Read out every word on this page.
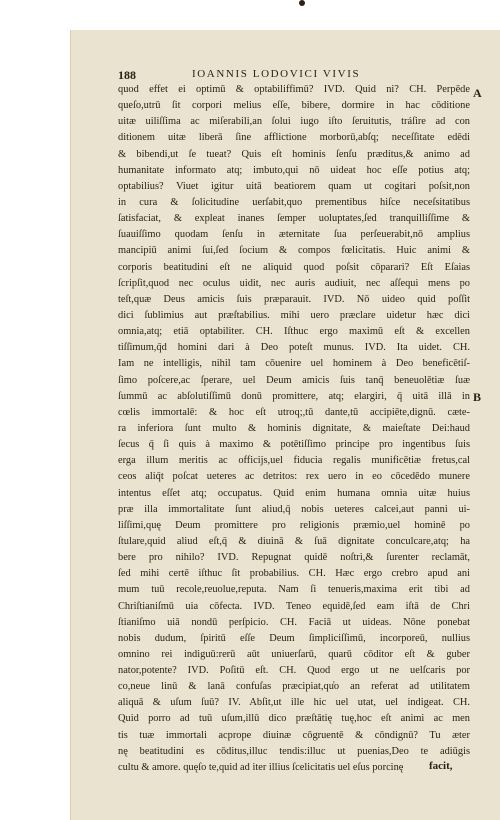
188	IOANNIS LODOVICI VIVIS
A
B
quod effet ei optimū & optabiliffimū? IVD. Quid ni? CH. Perpēde
queſo,utrū ſit corpori melius eſſe, bibere, dormire in hac cōditione
uitæ uiliſſima ac miſerabili,an ſolui iugo iſto ſeruitutis, tráſire ad con
ditionem uitæ liberā ſine afflictione morborū,abſq; neceſſitate edēdi
& bibendi,ut ſe tueat? Quis eſt hominis ſenſu prædítus,& animo ad
humanitate informato atq; imbuto,qui nō uideat hoc eſſe potius atq;
optabilius? Viuet igitur uitā beatiorem quam ut cogitari poſsit,non
in cura & ſolicitudine uerſabit,quo prementibus hiſce neceſsitatibus
ſatisfaciat, & expleat inanes ſemper uoluptates,ſed tranquilliſſime &
ſuauiſſimo quodam ſenſu in æternitate ſua perſeuerabit,nō amplius
mancipiū animi ſui,ſed ſocium & compos fœlicitatis. Huic animi &
corporis beatitudini eſt ne aliquid quod poſsit cōparari? Eſt Eſaias
ſcripſit,quod nec oculus uidit, nec auris audiuit, nec aſſequi mens po
teſt,quæ Deus amicis ſuis præparauit. IVD. Nō uideo quid poſſit
dici ſublimius aut præſtabilius. mihi uero præclare uidetur hæc dici
omnia,atq; etiā optabiliter. CH. Iſthuc ergo maximū eſt & excellen
tiſſimum,q̄d homini dari à Deo poteſt munus. IVD. Ita uidet. CH.
Iam ne intelligis, nihil tam cōuenire uel hominem à Deo beneficētiſ-
ſimo poſcere,ac ſperare, uel Deum amicis ſuis tanq̄ beneuolētiæ ſuæ
ſummū ac abſolutiſſimū donū promittere, atq; elargiri, q̄ uitā illā in
cœlis immortalē: & hoc eſt utroq;,tū dante,tū accipiēte,dignū. cæte-
ra inferiora ſunt multo & hominis dignitate, & maieſtate Dei:haud
ſecus q̄ ſi quis à maximo & potētiſſimo principe pro ingentibus ſuis
erga illum meritis ac officijs,uel fiducia regalis munificētiæ fretus,cal
ceos aliq̄t poſcat ueteres ac detritos: rex uero in eo cōcedēdo munere
intentus eſſet atq; occupatus. Quid enim humana omnia uitæ huius
præ illa immortalitate ſunt aliud,q̄ nobis ueteres calcei,aut panni ui-
liſſimi,quę Deum promittere pro religionis præmio,uel hominē po
ſtulare,quid aliud eſt,q̄ & diuinā & ſuā dignitate conculcare,atq; ha
bere pro nihilo? IVD. Repugnat quidē noſtri,& ſurenter reclamāt,
ſed mihi certē iſthuc ſit probabilius. CH. Hæc ergo crebro apud ani
mum tuū recole,reuolue,reputa. Nam ſi tenueris,maxima erit tibi ad
Chriſtianiſmū uia cōfecta. IVD. Teneo equidē,ſed eam iſtā de Chri
ſtianiſmo uiā nondū perſpicio. CH. Faciā ut uideas. Nōne ponebat
nobis dudum, ſpiritū eſſe Deum ſimpliciſſimū, incorporeū, nullius
omnino rei indiguū:rerū aūt uniuerſarū, quarū cōditor eſt & guber
nator,potente? IVD. Poſitū eſt. CH. Quod ergo ut ne uelſcaris por
co,neue linū & lanā confuſas præcipiat,qu̾o an referat ad utilitatem
aliquā & uſum ſuū? IV. Abſit,ut ille hic uel utat, uel indigeat. CH.
Quid porro ad tuū uſum,illū dico præſtātię tuę,hoc eſt animi ac men
tis tuæ immortali acprope diuinæ cōgruentē & cōndignū? Tu æter
nę beatitudini es cōditus,illuc tendis:illuc ut puenias,Deo te adiūgis
cultu & amore. quęſo te,quid ad iter illius ſcelicitatis uel eſus porcinę	facit,
